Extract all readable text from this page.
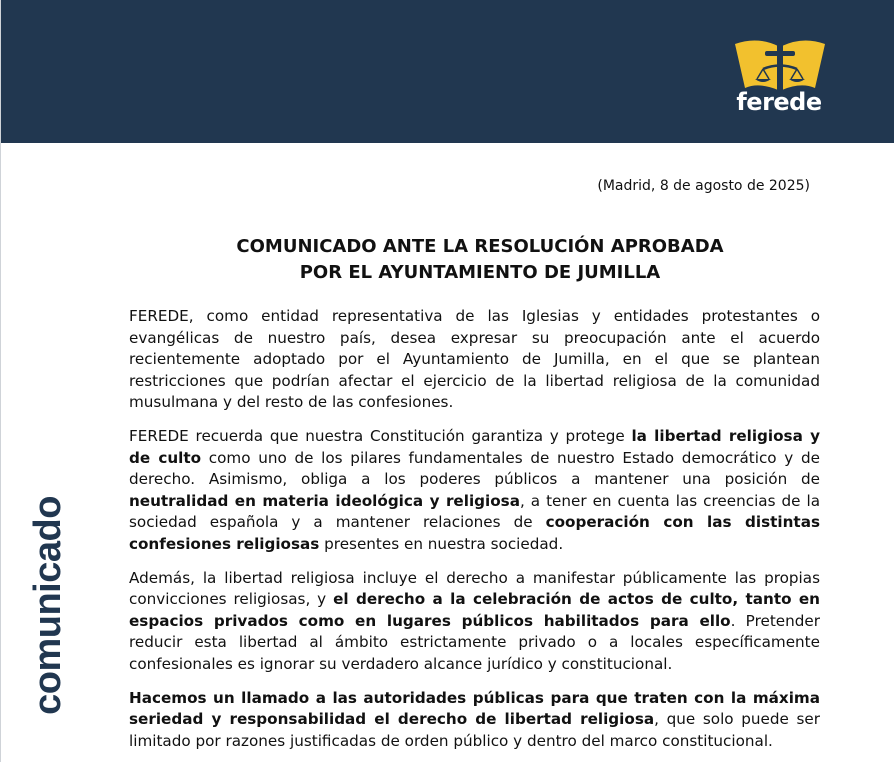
ferede
comunicado
(Madrid, 8 de agosto de 2025)
COMUNICADO ANTE LA RESOLUCIÓN APROBADA
POR EL AYUNTAMIENTO DE JUMILLA

FEREDE, como entidad representativa de las Iglesias y entidades protestantes o evangélicas de nuestro país, desea expresar su preocupación ante el acuerdo recientemente adoptado por el Ayuntamiento de Jumilla, en el que se plantean restricciones que podrían afectar el ejercicio de la libertad religiosa de la comunidad musulmana y del resto de las confesiones.

FEREDE recuerda que nuestra Constitución garantiza y protege la libertad religiosa y de culto como uno de los pilares fundamentales de nuestro Estado democrático y de derecho. Asimismo, obliga a los poderes públicos a mantener una posición de neutralidad en materia ideológica y religiosa, a tener en cuenta las creencias de la sociedad española y a mantener relaciones de cooperación con las distintas confesiones religiosas presentes en nuestra sociedad.

Además, la libertad religiosa incluye el derecho a manifestar públicamente las propias convicciones religiosas, y el derecho a la celebración de actos de culto, tanto en espacios privados como en lugares públicos habilitados para ello. Pretender reducir esta libertad al ámbito estrictamente privado o a locales específicamente confesionales es ignorar su verdadero alcance jurídico y constitucional.

Hacemos un llamado a las autoridades públicas para que traten con la máxima seriedad y responsabilidad el derecho de libertad religiosa, que solo puede ser limitado por razones justificadas de orden público y dentro del marco constitucional.
